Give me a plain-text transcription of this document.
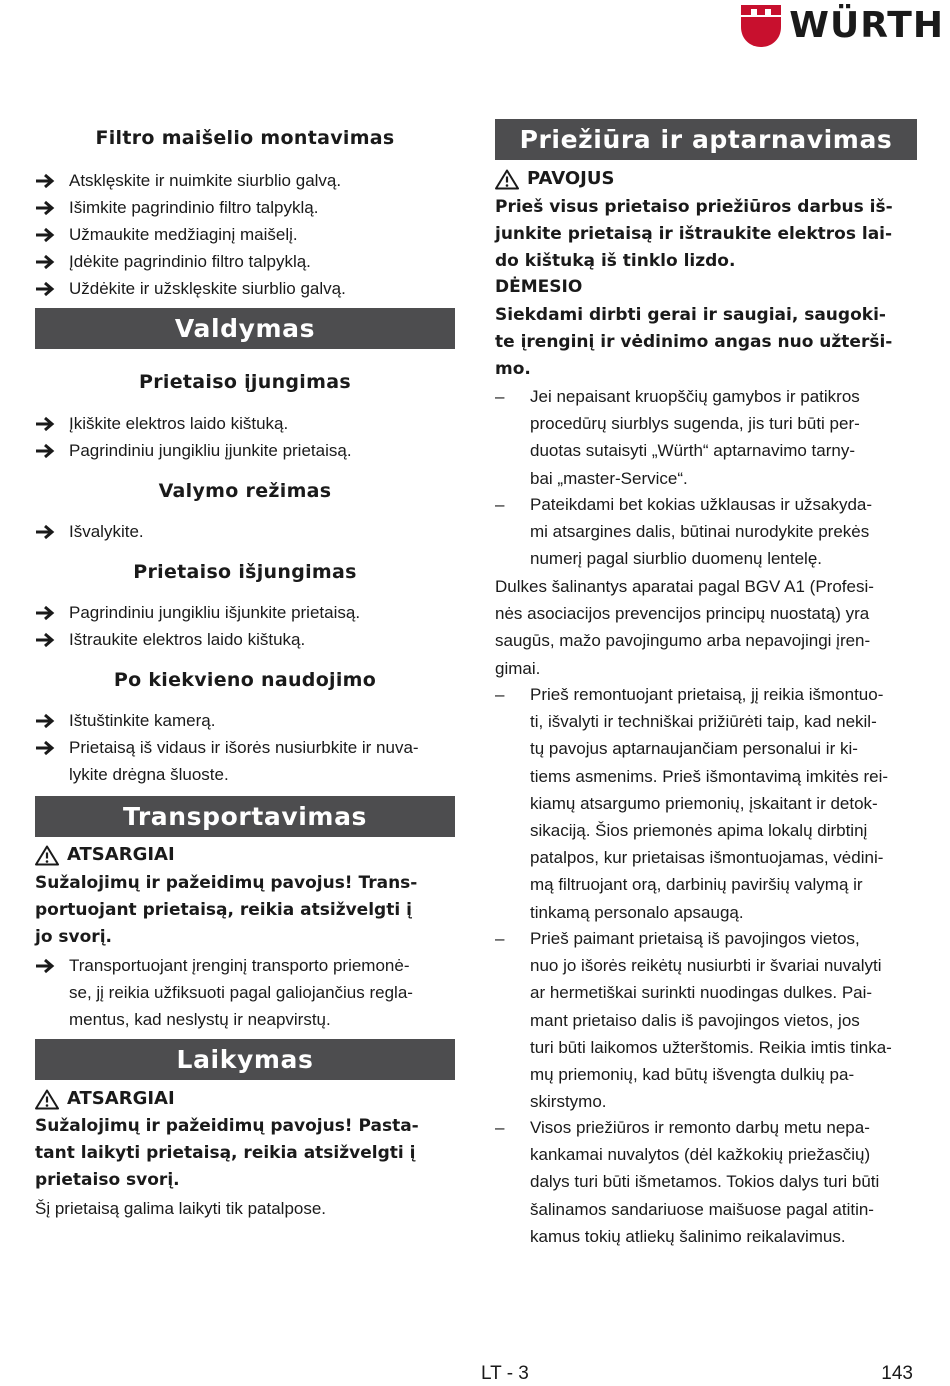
WÜRTH
Filtro maišelio montavimas
Atsklęskite ir nuimkite siurblio galvą.
Išimkite pagrindinio filtro talpyklą.
Užmaukite medžiaginį maišelį.
Įdėkite pagrindinio filtro talpyklą.
Uždėkite ir užsklęskite siurblio galvą.
Valdymas
Prietaiso įjungimas
Įkiškite elektros laido kištuką.
Pagrindiniu jungikliu įjunkite prietaisą.
Valymo režimas
Išvalykite.
Prietaiso išjungimas
Pagrindiniu jungikliu išjunkite prietaisą.
Ištraukite elektros laido kištuką.
Po kiekvieno naudojimo
Ištuštinkite kamerą.
Prietaisą iš vidaus ir išorės nusiurbkite ir nuva-
lykite drėgna šluoste.
Transportavimas
ATSARGIAI
Sužalojimų ir pažeidimų pavojus! Trans-
portuojant prietaisą, reikia atsižvelgti į
jo svorį.
Transportuojant įrenginį transporto priemonė-
se, jį reikia užfiksuoti pagal galiojančius regla-
mentus, kad neslystų ir neapvirstų.
Laikymas
ATSARGIAI
Sužalojimų ir pažeidimų pavojus! Pasta-
tant laikyti prietaisą, reikia atsižvelgti į
prietaiso svorį.
Šį prietaisą galima laikyti tik patalpose.
Priežiūra ir aptarnavimas
PAVOJUS
Prieš visus prietaiso priežiūros darbus iš-
junkite prietaisą ir ištraukite elektros lai-
do kištuką iš tinklo lizdo.
DĖMESIO
Siekdami dirbti gerai ir saugiai, saugoki-
te įrenginį ir vėdinimo angas nuo užterši-
mo.
–	Jei nepaisant kruopščių gamybos ir patikros
procedūrų siurblys sugenda, jis turi būti per-
duotas sutaisyti „Würth“ aptarnavimo tarny-
bai „master-Service“.
–	Pateikdami bet kokias užklausas ir užsakyda-
mi atsargines dalis, būtinai nurodykite prekės
numerį pagal siurblio duomenų lentelę.
Dulkes šalinantys aparatai pagal BGV A1 (Profesi-
nės asociacijos prevencijos principų nuostatą) yra
saugūs, mažo pavojingumo arba nepavojingi įren-
gimai.
–	Prieš remontuojant prietaisą, jį reikia išmontuo-
ti, išvalyti ir techniškai prižiūrėti taip, kad nekil-
tų pavojus aptarnaujančiam personalui ir ki-
tiems asmenims. Prieš išmontavimą imkitės rei-
kiamų atsargumo priemonių, įskaitant ir detok-
sikaciją. Šios priemonės apima lokalų dirbtinį
patalpos, kur prietaisas išmontuojamas, vėdini-
mą filtruojant orą, darbinių paviršių valymą ir
tinkamą personalo apsaugą.
–	Prieš paimant prietaisą iš pavojingos vietos,
nuo jo išorės reikėtų nusiurbti ir švariai nuvalyti
ar hermetiškai surinkti nuodingas dulkes. Pai-
mant prietaiso dalis iš pavojingos vietos, jos
turi būti laikomos užterštomis. Reikia imtis tinka-
mų priemonių, kad būtų išvengta dulkių pa-
skirstymo.
–	Visos priežiūros ir remonto darbų metu nepa-
kankamai nuvalytos (dėl kažkokių priežasčių)
dalys turi būti išmetamos. Tokios dalys turi būti
šalinamos sandariuose maišuose pagal atitin-
kamus tokių atliekų šalinimo reikalavimus.
LT - 3	143
